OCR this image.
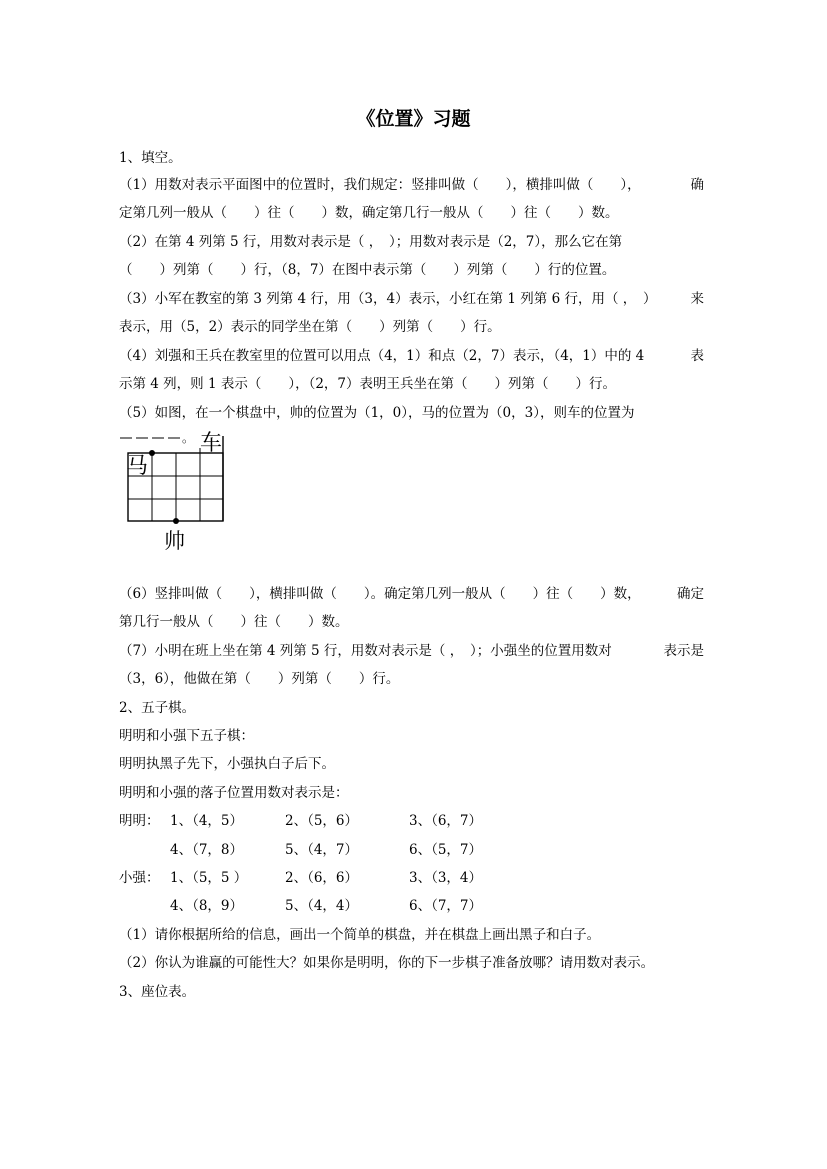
《位置》习题
1、填空。
（1）用数对表示平面图中的位置时，我们规定：竖排叫做（　　），横排叫做（　　），	确
定第几列一般从（　　）往（　　）数，确定第几行一般从（　　）往（　　）数。
（2）在第 4 列第 5 行，用数对表示是（ ，　）；用数对表示是（2，7），那么它在第
（　　）列第（　　）行，（8，7）在图中表示第（　　）列第（　　）行的位置。
（3）小军在教室的第 3 列第 4 行，用（3，4）表示，小红在第 1 列第 6 行，用（ ，　）	来
表示，用（5，2）表示的同学坐在第（　　）列第（　　）行。
（4）刘强和王兵在教室里的位置可以用点（4，1）和点（2，7）表示，（4，1）中的 4	表
示第 4 列，则 1 表示（　　），（2，7）表明王兵坐在第（　　）列第（　　）行。
（5）如图，在一个棋盘中，帅的位置为（1，0），马的位置为（0，3），则车的位置为
。 车
马
帅
（6）竖排叫做（　　），横排叫做（　　）。确定第几列一般从（　　）往（　　）数，	确定
第几行一般从（　　）往（　　）数。
（7）小明在班上坐在第 4 列第 5 行，用数对表示是（ ，　）；小强坐的位置用数对	表示是
（3，6），他做在第（　　）列第（　　）行。
2、五子棋。
明明和小强下五子棋：
明明执黑子先下，小强执白子后下。
明明和小强的落子位置用数对表示是：
明明： 1、（4，5）	2、（5，6）	3、（6，7）
4、（7，8）	5、（4，7）	6、（5，7）
小强： 1、（5，5 ）	2、（6，6）	3、（3，4）
4、（8，9）	5、（4，4）	6、（7，7）
（1）请你根据所给的信息，画出一个简单的棋盘，并在棋盘上画出黑子和白子。
（2）你认为谁赢的可能性大？如果你是明明，你的下一步棋子准备放哪？请用数对表示。
3、座位表。
